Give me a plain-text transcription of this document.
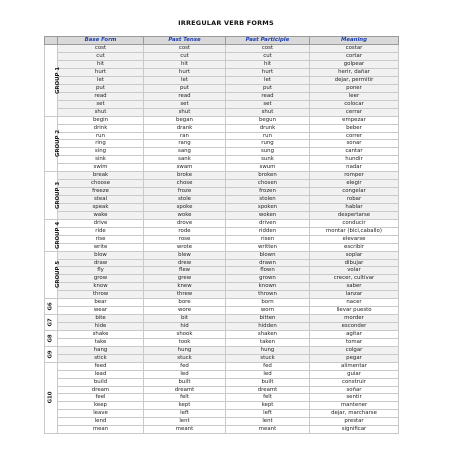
IRREGULAR VERB FORMS
	Base Form	Past Tense	Past Participle	Meaning
GROUP 1	cost	cost	cost	costar
	cut	cut	cut	cortar
	hit	hit	hit	golpear
	hurt	hurt	hurt	herir, dañar
	let	let	let	dejar, permitir
	put	put	put	poner
	read	read	read	leer
	set	set	set	colocar
	shut	shut	shut	cerrar
GROUP 2	begin	began	begun	empezar
	drink	drank	drunk	beber
	run	ran	run	correr
	ring	rang	rung	sonar
	sing	sang	sung	cantar
	sink	sank	sunk	hundir
	swim	swam	swum	nadar
GROUP 3	break	broke	broken	romper
	choose	chose	chosen	elegir
	freeze	froze	frozen	congelar
	steal	stole	stolen	robar
	speak	spoke	spoken	hablar
	wake	woke	woken	despertarse
GROUP 4	drive	drove	driven	conducir
	ride	rode	ridden	montar (bici,caballo)
	rise	rose	risen	elevarse
	write	wrote	written	escribir
GROUP 5	blow	blew	blown	soplar
	draw	drew	drawn	dibujar
	fly	flew	flown	volar
	grow	grew	grown	crecer, cultivar
	know	knew	known	saber
	throw	threw	thrown	lanzar
G6	bear	bore	born	nacer
	wear	wore	worn	llevar puesto
G7	bite	bit	bitten	morder
	hide	hid	hidden	esconder
G8	shake	shook	shaken	agitar
	take	took	taken	tomar
G9	hang	hung	hung	colgar
	stick	stuck	stuck	pegar
G10	feed	fed	fed	alimentar
	lead	led	led	guiar
	build	built	built	construir
	dream	dreamt	dreamt	soñar
	feel	felt	felt	sentir
	keep	kept	kept	mantener
	leave	left	left	dejar, marcharse
	lend	lent	lent	prestar
	mean	meant	meant	significar
